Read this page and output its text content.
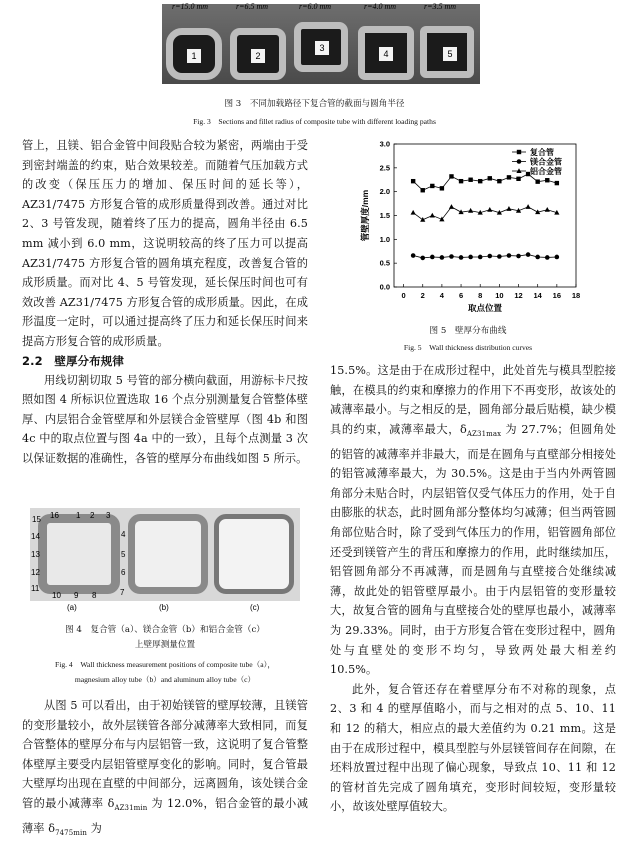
r=15.0 mm	r=6.5 mm	r=6.0 mm	r=4.0 mm	r=3.5 mm
1	2
3
4	5
图 3　不同加载路径下复合管的截面与圆角半径
Fig. 3　Sections and fillet radius of composite tube with different loading paths

管上，且镁、铝合金管中间段贴合较为紧密，两端由于受到密封端盖的约束，贴合效果较差。而随着气压加载方式的改变（保压压力的增加、保压时间的延长等），AZ31/7475 方形复合管的成形质量得到改善。通过对比 2、3 号管发现，随着终了压力的提高，圆角半径由 6.5 mm 减小到 6.0 mm，这说明较高的终了压力可以提高 AZ31/7475 方形复合管的圆角填充程度，改善复合管的成形质量。而对比 4、5 号管发现，延长保压时间也可有效改善 AZ31/7475 方形复合管的成形质量。因此，在成形温度一定时，可以通过提高终了压力和延长保压时间来提高方形复合管的成形质量。

2.2 壁厚分布规律

用线切割切取 5 号管的部分横向截面，用游标卡尺按照如图 4 所标识位置选取 16 个点分别测量复合管整体壁厚、内层铝合金管壁厚和外层镁合金管壁厚（图 4b 和图 4c 中的取点位置与图 4a 中的一致），且每个点测量 3 次以保证数据的准确性，各管的壁厚分布曲线如图 5 所示。

15 16 1 2 3
14
13
12
11
10 9 8	7
6
5
4
(a)	(b)	(c)
图 4　复合管（a）、镁合金管（b）和铝合金管（c）
上壁厚测量位置
Fig. 4　Wall thickness measurement positions of composite tube（a），
magnesium alloy tube（b）and aluminum alloy tube（c）

从图 5 可以看出，由于初始镁管的壁厚较薄，且镁管的变形量较小，故外层镁管各部分减薄率大致相同，而复合管整体的壁厚分布与内层铝管一致，这说明了复合管整体壁厚主要受内层铝管壁厚变化的影响。同时，复合管最大壁厚均出现在直壁的中间部分，远离圆角，该处镁合金管的最小减薄率 $\delta_{AZ31min}$ 为 12.0%，铝合金管的最小减薄率 $\delta_{7475min}$ 为

0 2 4 6 8 10 12 14 16 18
0.0
0.5
1.0
1.5
2.0
2.5
3.0
取点位置
管壁厚度/mm
复合管
镁合金管
铝合金管
图 5　壁厚分布曲线
Fig. 5　Wall thickness distribution curves

15.5%。这是由于在成形过程中，此处首先与模具型腔接触，在模具的约束和摩擦力的作用下不再变形，故该处的减薄率最小。与之相反的是，圆角部分最后贴模，缺少模具的约束，减薄率最大，$\delta_{AZ31max}$ 为 27.7%；但圆角处的铝管的减薄率并非最大，而是在圆角与直壁部分相接处的铝管减薄率最大，为 30.5%。这是由于当内外两管圆角部分未贴合时，内层铝管仅受气体压力的作用，处于自由膨胀的状态，此时圆角部分整体均匀减薄；但当两管圆角部位贴合时，除了受到气体压力的作用，铝管圆角部位还受到镁管产生的背压和摩擦力的作用，此时继续加压，铝管圆角部分不再减薄，而是圆角与直壁接合处继续减薄，故此处的铝管壁厚最小。由于内层铝管的变形量较大，故复合管的圆角与直壁接合处的壁厚也最小，减薄率为 29.33%。同时，由于方形复合管在变形过程中，圆角处与直壁处的变形不均匀，导致两处最大相差约 10.5%。

此外，复合管还存在着壁厚分布不对称的现象，点 2、3 和 4 的壁厚值略小，而与之相对的点 5、10、11 和 12 的稍大，相应点的最大差值约为 0.21 mm。这是由于在成形过程中，模具型腔与外层镁管间存在间隙，在坯料放置过程中出现了偏心现象，导致点 10、11 和 12 的管材首先完成了圆角填充，变形时间较短，变形量较小，故该处壁厚值较大。
